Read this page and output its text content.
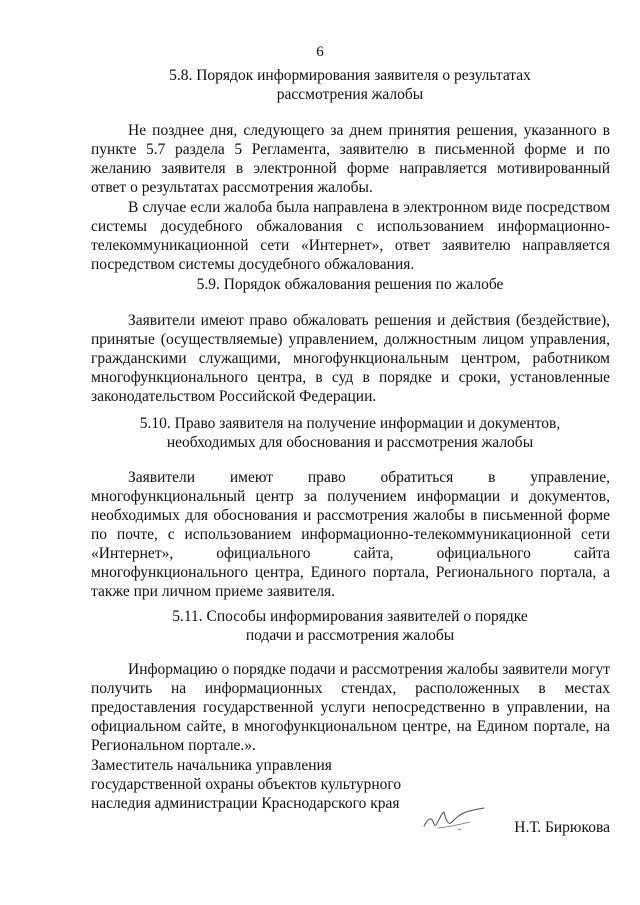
6
5.8. Порядок информирования заявителя о результатах
рассмотрения жалобы

Не позднее дня, следующего за днем принятия решения, указанного в пункте 5.7 раздела 5 Регламента, заявителю в письменной форме и по желанию заявителя в электронной форме направляется мотивированный ответ о результатах рассмотрения жалобы.

В случае если жалоба была направлена в электронном виде посредством системы досудебного обжалования с использованием информационно-телекоммуникационной сети «Интернет», ответ заявителю направляется посредством системы досудебного обжалования.

5.9. Порядок обжалования решения по жалобе

Заявители имеют право обжаловать решения и действия (бездействие), принятые (осуществляемые) управлением, должностным лицом управления, гражданскими служащими, многофункциональным центром, работником многофункционального центра, в суд в порядке и сроки, установленные законодательством Российской Федерации.

5.10. Право заявителя на получение информации и документов,
необходимых для обоснования и рассмотрения жалобы

Заявители имеют право обратиться в управление, многофункциональный центр за получением информации и документов, необходимых для обоснования и рассмотрения жалобы в письменной форме по почте, с использованием информационно-телекоммуникационной сети «Интернет», официального сайта, официального сайта многофункционального центра, Единого портала, Регионального портала, а также при личном приеме заявителя.

5.11. Способы информирования заявителей о порядке
подачи и рассмотрения жалобы

Информацию о порядке подачи и рассмотрения жалобы заявители могут получить на информационных стендах, расположенных в местах предоставления государственной услуги непосредственно в управлении, на официальном сайте, в многофункциональном центре, на Едином портале, на Региональном портале.».

Заместитель начальника управления
государственной охраны объектов культурного
наследия администрации Краснодарского края
Н.Т. Бирюкова
